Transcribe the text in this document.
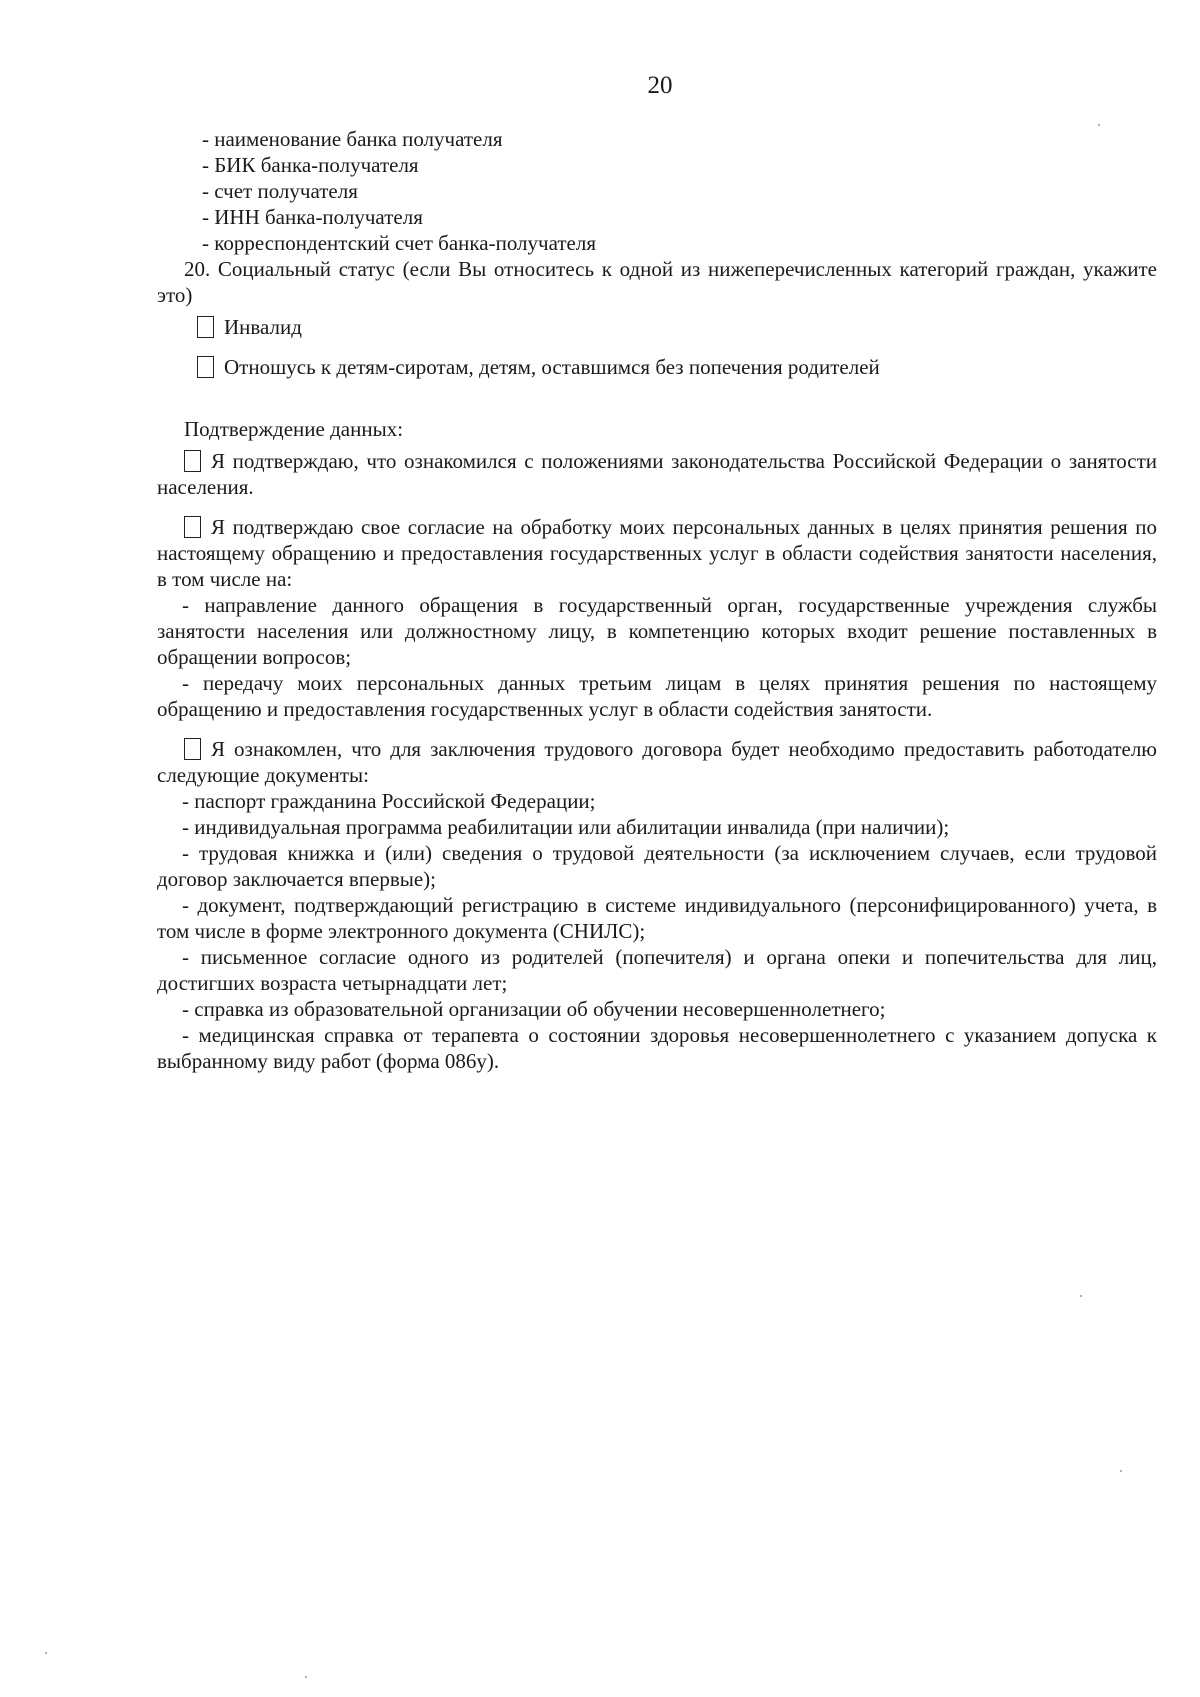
20
- наименование банка получателя
- БИК банка-получателя
- счет получателя
- ИНН банка-получателя
- корреспондентский счет банка-получателя
20. Социальный статус (если Вы относитесь к одной из нижеперечисленных категорий граждан, укажите это)
Инвалид
Отношусь к детям-сиротам, детям, оставшимся без попечения родителей
Подтверждение данных:
Я подтверждаю, что ознакомился с положениями законодательства Российской Федерации о занятости населения.
Я подтверждаю свое согласие на обработку моих персональных данных в целях принятия решения по настоящему обращению и предоставления государственных услуг в области содействия занятости населения, в том числе на:
- направление данного обращения в государственный орган, государственные учреждения службы занятости населения или должностному лицу, в компетенцию которых входит решение поставленных в обращении вопросов;
- передачу моих персональных данных третьим лицам в целях принятия решения по настоящему обращению и предоставления государственных услуг в области содействия занятости.
Я ознакомлен, что для заключения трудового договора будет необходимо предоставить работодателю следующие документы:
- паспорт гражданина Российской Федерации;
- индивидуальная программа реабилитации или абилитации инвалида (при наличии);
- трудовая книжка и (или) сведения о трудовой деятельности (за исключением случаев, если трудовой договор заключается впервые);
- документ, подтверждающий регистрацию в системе индивидуального (персонифицированного) учета, в том числе в форме электронного документа (СНИЛС);
- письменное согласие одного из родителей (попечителя) и органа опеки и попечительства для лиц, достигших возраста четырнадцати лет;
- справка из образовательной организации об обучении несовершеннолетнего;
- медицинская справка от терапевта о состоянии здоровья несовершеннолетнего с указанием допуска к выбранному виду работ (форма 086у).
